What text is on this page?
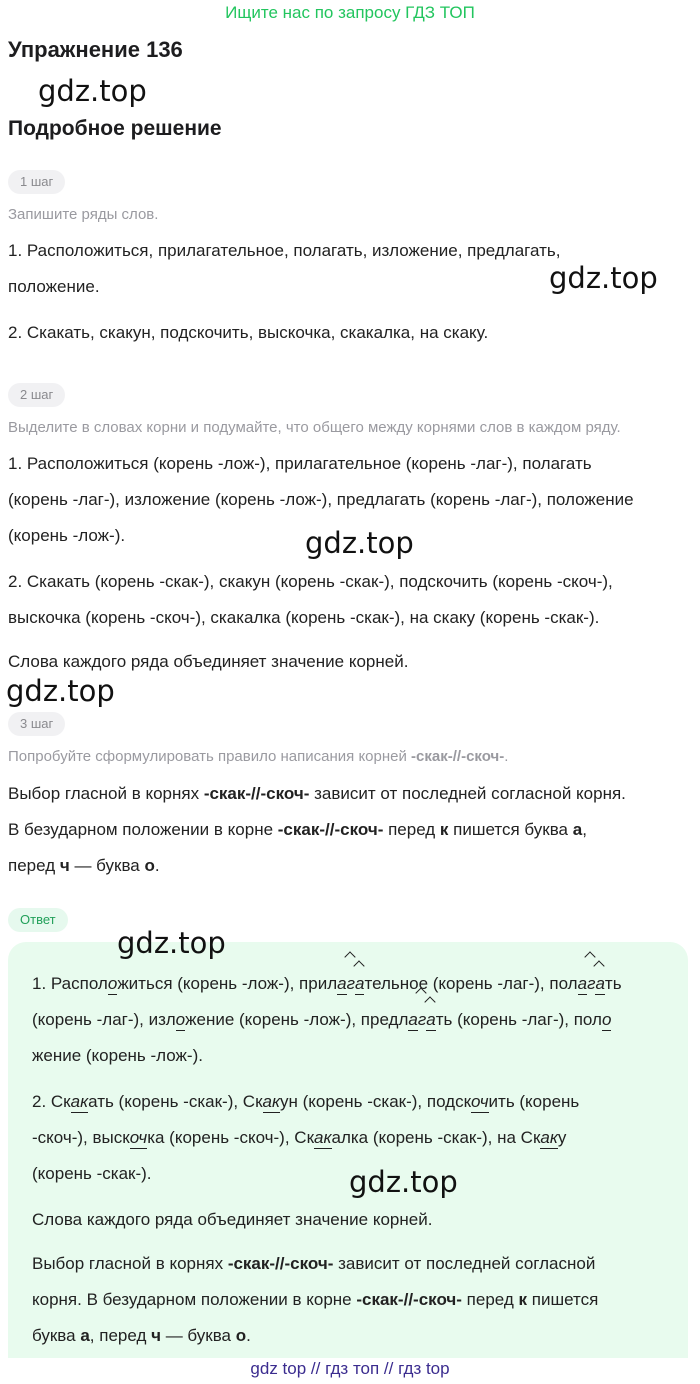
Ищите нас по запросу ГДЗ ТОП
Упражнение 136
gdz.top
Подробное решение
1 шаг
Запишите ряды слов.
1. Расположиться, прилагательное, полагать, изложение, предлагать,
положение.	gdz.top
2. Скакать, скакун, подскочить, выскочка, скакалка, на скаку.
2 шаг
Выделите в словах корни и подумайте, что общего между корнями слов в каждом ряду.
1. Расположиться (корень -лож-), прилагательное (корень -лаг-), полагать
(корень -лаг-), изложение (корень -лож-), предлагать (корень -лаг-), положение
(корень -лож-).	gdz.top
2. Скакать (корень -скак-), скакун (корень -скак-), подскочить (корень -скоч-),
выскочка (корень -скоч-), скакалка (корень -скак-), на скаку (корень -скак-).
Слова каждого ряда объединяет значение корней.
gdz.top
3 шаг
Попробуйте сформулировать правило написания корней -скак-//-скоч-.
Выбор гласной в корнях -скак-//-скоч- зависит от последней согласной корня.
В безударном положении в корне -скак-//-скоч- перед к пишется буква а,
перед ч — буква о.
Ответ
gdz.top
1. Расположиться (корень -лож-), прилагательное (корень -лаг-), полагать
(корень -лаг-), изложение (корень -лож-), предлагать (корень -лаг-), поло
жение (корень -лож-).
2. Скакать (корень -скак-), Скакун (корень -скак-), подскочить (корень
-скоч-), выскочка (корень -скоч-), Скакалка (корень -скак-), на Скаку
(корень -скак-).	gdz.top
Слова каждого ряда объединяет значение корней.
Выбор гласной в корнях -скак-//-скоч- зависит от последней согласной
корня. В безударном положении в корне -скак-//-скоч- перед к пишется
буква а, перед ч — буква о.
gdz top // гдз топ // гдз top
